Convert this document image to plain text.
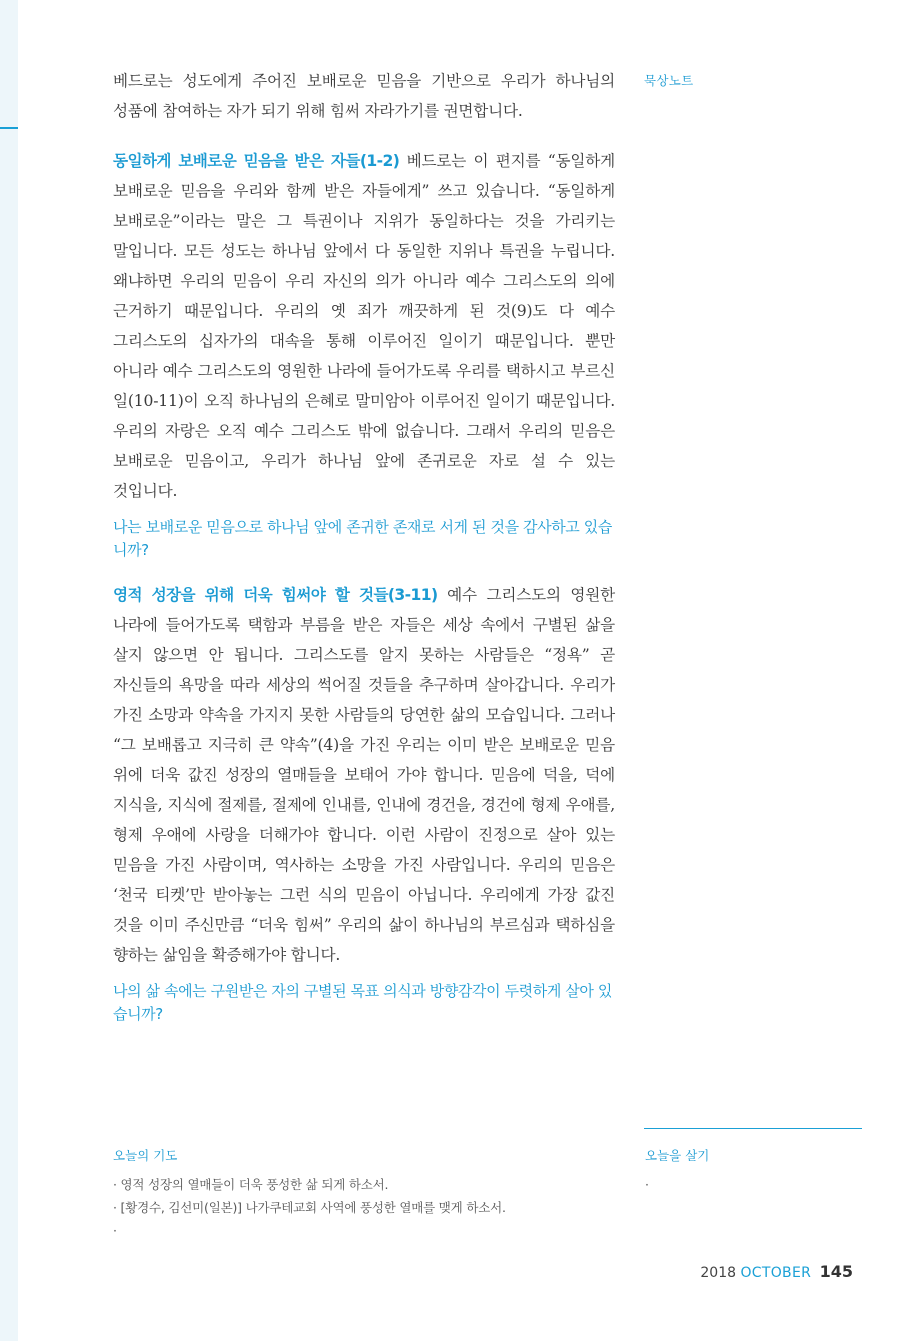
묵상노트

베드로는 성도에게 주어진 보배로운 믿음을 기반으로 우리가 하나님의 성품에 참여하는 자가 되기 위해 힘써 자라가기를 권면합니다.

동일하게 보배로운 믿음을 받은 자들(1-2) 베드로는 이 편지를 “동일하게 보배로운 믿음을 우리와 함께 받은 자들에게” 쓰고 있습니다. “동일하게 보배로운”이라는 말은 그 특권이나 지위가 동일하다는 것을 가리키는 말입니다. 모든 성도는 하나님 앞에서 다 동일한 지위나 특권을 누립니다. 왜냐하면 우리의 믿음이 우리 자신의 의가 아니라 예수 그리스도의 의에 근거하기 때문입니다. 우리의 옛 죄가 깨끗하게 된 것(9)도 다 예수 그리스도의 십자가의 대속을 통해 이루어진 일이기 때문입니다. 뿐만 아니라 예수 그리스도의 영원한 나라에 들어가도록 우리를 택하시고 부르신 일(10-11)이 오직 하나님의 은혜로 말미암아 이루어진 일이기 때문입니다. 우리의 자랑은 오직 예수 그리스도 밖에 없습니다. 그래서 우리의 믿음은 보배로운 믿음이고, 우리가 하나님 앞에 존귀로운 자로 설 수 있는 것입니다.

나는 보배로운 믿음으로 하나님 앞에 존귀한 존재로 서게 된 것을 감사하고 있습니까?

영적 성장을 위해 더욱 힘써야 할 것들(3-11) 예수 그리스도의 영원한 나라에 들어가도록 택함과 부름을 받은 자들은 세상 속에서 구별된 삶을 살지 않으면 안 됩니다. 그리스도를 알지 못하는 사람들은 “정욕” 곧 자신들의 욕망을 따라 세상의 썩어질 것들을 추구하며 살아갑니다. 우리가 가진 소망과 약속을 가지지 못한 사람들의 당연한 삶의 모습입니다. 그러나 “그 보배롭고 지극히 큰 약속”(4)을 가진 우리는 이미 받은 보배로운 믿음 위에 더욱 값진 성장의 열매들을 보태어 가야 합니다. 믿음에 덕을, 덕에 지식을, 지식에 절제를, 절제에 인내를, 인내에 경건을, 경건에 형제 우애를, 형제 우애에 사랑을 더해가야 합니다. 이런 사람이 진정으로 살아 있는 믿음을 가진 사람이며, 역사하는 소망을 가진 사람입니다. 우리의 믿음은 ‘천국 티켓’만 받아놓는 그런 식의 믿음이 아닙니다. 우리에게 가장 값진 것을 이미 주신만큼 “더욱 힘써” 우리의 삶이 하나님의 부르심과 택하심을 향하는 삶임을 확증해가야 합니다.

나의 삶 속에는 구원받은 자의 구별된 목표 의식과 방향감각이 두렷하게 살아 있습니까?

오늘의 기도
· 영적 성장의 열매들이 더욱 풍성한 삶 되게 하소서.
· [황경수, 김선미(일본)] 나가쿠테교회 사역에 풍성한 열매를 맺게 하소서.
·
오늘을 살기
·
2018 OCTOBER 145
